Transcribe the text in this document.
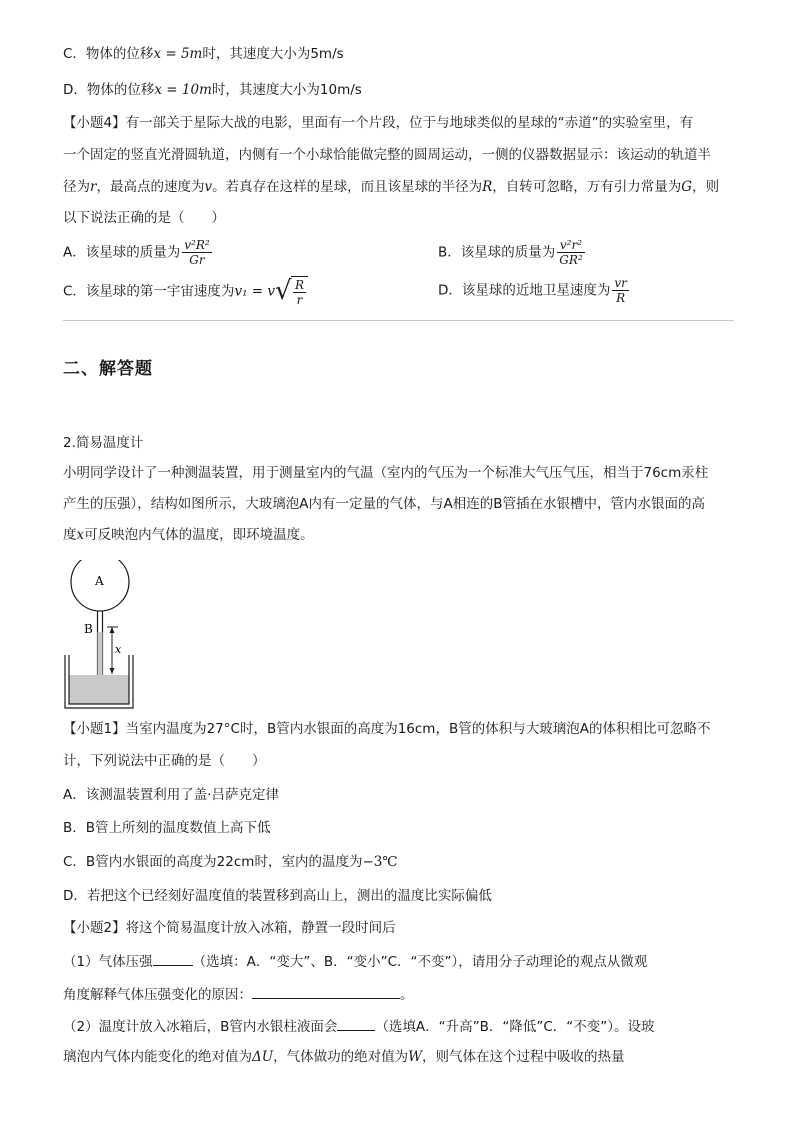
C．物体的位移x = 5m时，其速度大小为5m/s
D．物体的位移x = 10m时，其速度大小为10m/s
【小题4】有一部关于星际大战的电影，里面有一个片段，位于与地球类似的星球的“赤道”的实验室里，有
一个固定的竖直光滑圆轨道，内侧有一个小球恰能做完整的圆周运动，一侧的仪器数据显示：该运动的轨道半
径为r，最高点的速度为v。若真存在这样的星球，而且该星球的半径为R，自转可忽略，万有引力常量为G，则
以下说法正确的是（　　）
A．该星球的质量为 $\frac{\text{v²R²}}{Gr}$	B．该星球的质量为 $\frac{\text{v²r²}}{\text{GR²}}$
C．该星球的第一宇宙速度为v₁ = v √ $\frac{R}{r}$	D．该星球的近地卫星速度为 $\frac{vr}{R}$
二、解答题
2.简易温度计
小明同学设计了一种测温装置，用于测量室内的气温（室内的气压为一个标准大气压气压，相当于76cm汞柱
产生的压强），结构如图所示，大玻璃泡A内有一定量的气体，与A相连的B管插在水银槽中，管内水银面的高
度x可反映泡内气体的温度，即环境温度。
A
B
x
【小题1】当室内温度为27°C时，B管内水银面的高度为16cm，B管的体积与大玻璃泡A的体积相比可忽略不
计，下列说法中正确的是（　　）
A．该测温装置利用了盖·吕萨克定律
B．B管上所刻的温度数值上高下低
C．B管内水银面的高度为22cm时，室内的温度为−3℃
D．若把这个已经刻好温度值的装置移到高山上，测出的温度比实际偏低
【小题2】将这个简易温度计放入冰箱，静置一段时间后
（1）气体压强	（选填：A．“变大”、B．“变小”C．“不变”），请用分子动理论的观点从微观
角度解释气体压强变化的原因：	。
（2）温度计放入冰箱后，B管内水银柱液面会	（选填A．“升高”B．“降低”C．“不变”）。设玻
璃泡内气体内能变化的绝对值为ΔU，气体做功的绝对值为W，则气体在这个过程中吸收的热量
